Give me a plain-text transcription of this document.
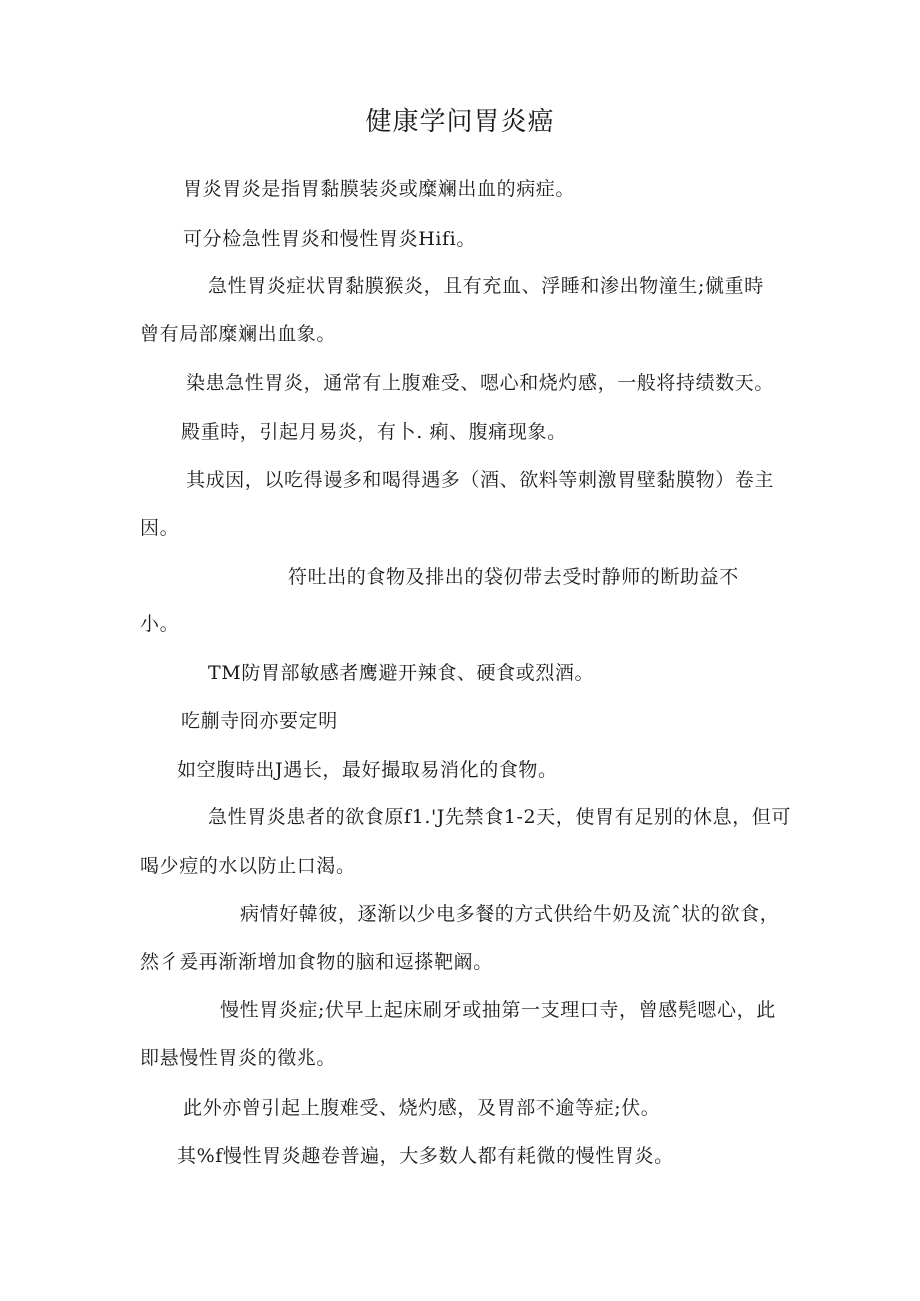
健康学问胃炎癌
胃炎胃炎是指胃黏膜装炎或糜斓出血的病症。
可分检急性胃炎和慢性胃炎Hifi。
急性胃炎症状胃黏膜猴炎，且有充血、浮睡和渗出物潼生;僦重時
曾有局部糜斓出血象。
染患急性胃炎，通常有上腹难受、嗯心和烧灼感，一般将持绩数天。
殿重時，引起月易炎，有卜. 痢、腹痛现象。
其成因，以吃得谩多和喝得遇多（酒、欲料等刺激胃壁黏膜物）卷主
因。
符吐出的食物及排出的袋仞带去受时静师的断助益不
小。
TM防胃部敏感者鹰避开辣食、硬食或烈酒。
吃蒯寺冏亦要定明
如空腹時出J遇长，最好撮取易消化的食物。
急性胃炎患者的欲食原f1.'J先禁食1-2天，使胃有足别的休息，但可
喝少痘的水以防止口渴。
病情好韓彼，逐渐以少电多餐的方式供给牛奶及流ˆ状的欲食，
然彳爰再渐渐增加食物的脑和逗搽靶阚。
慢性胃炎症;伏早上起床刷牙或抽第一支理口寺，曾感髡嗯心，此
即悬慢性胃炎的徵兆。
此外亦曾引起上腹难受、烧灼感，及胃部不逾等症;伏。
其%f慢性胃炎趣卷普遍，大多数人都有耗微的慢性胃炎。
